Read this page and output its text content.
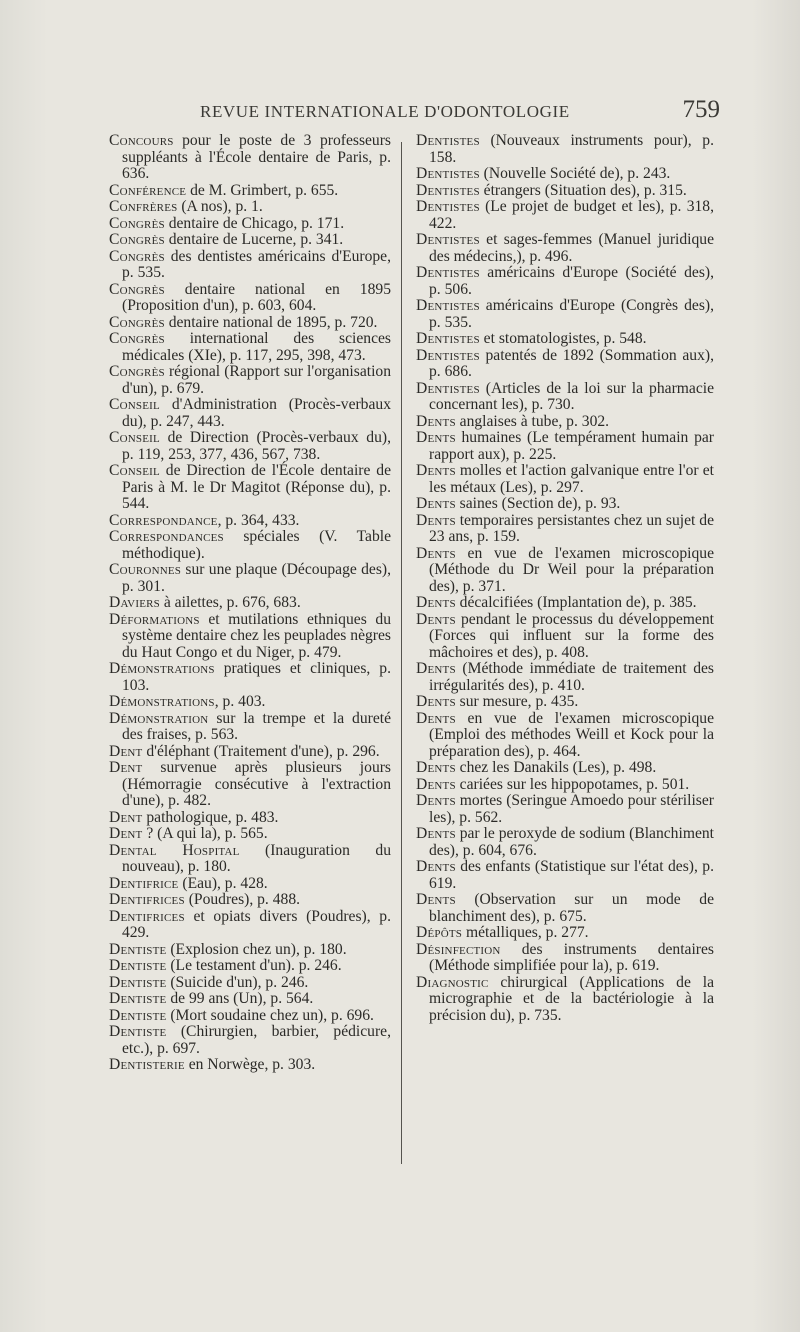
REVUE INTERNATIONALE D'ODONTOLOGIE	759
Concours pour le poste de 3 professeurs suppléants à l'École dentaire de Paris, p. 636.
Conférence de M. Grimbert, p. 655.
Confrères (A nos), p. 1.
Congrès dentaire de Chicago, p. 171.
Congrès dentaire de Lucerne, p. 341.
Congrès des dentistes américains d'Europe, p. 535.
Congrès dentaire national en 1895 (Proposition d'un), p. 603, 604.
Congrès dentaire national de 1895, p. 720.
Congrès international des sciences médicales (XIe), p. 117, 295, 398, 473.
Congrès régional (Rapport sur l'organisation d'un), p. 679.
Conseil d'Administration (Procès-verbaux du), p. 247, 443.
Conseil de Direction (Procès-verbaux du), p. 119, 253, 377, 436, 567, 738.
Conseil de Direction de l'École dentaire de Paris à M. le Dr Magitot (Réponse du), p. 544.
Correspondance, p. 364, 433.
Correspondances spéciales (V. Table méthodique).
Couronnes sur une plaque (Découpage des), p. 301.
Daviers à ailettes, p. 676, 683.
Déformations et mutilations ethniques du système dentaire chez les peuplades nègres du Haut Congo et du Niger, p. 479.
Démonstrations pratiques et cliniques, p. 103.
Démonstrations, p. 403.
Démonstration sur la trempe et la dureté des fraises, p. 563.
Dent d'éléphant (Traitement d'une), p. 296.
Dent survenue après plusieurs jours (Hémorragie consécutive à l'extraction d'une), p. 482.
Dent pathologique, p. 483.
Dent ? (A qui la), p. 565.
Dental Hospital (Inauguration du nouveau), p. 180.
Dentifrice (Eau), p. 428.
Dentifrices (Poudres), p. 488.
Dentifrices et opiats divers (Poudres), p. 429.
Dentiste (Explosion chez un), p. 180.
Dentiste (Le testament d'un). p. 246.
Dentiste (Suicide d'un), p. 246.
Dentiste de 99 ans (Un), p. 564.
Dentiste (Mort soudaine chez un), p. 696.
Dentiste (Chirurgien, barbier, pédicure, etc.), p. 697.
Dentisterie en Norwège, p. 303.
Dentistes (Nouveaux instruments pour), p. 158.
Dentistes (Nouvelle Société de), p. 243.
Dentistes étrangers (Situation des), p. 315.
Dentistes (Le projet de budget et les), p. 318, 422.
Dentistes et sages-femmes (Manuel juridique des médecins,), p. 496.
Dentistes américains d'Europe (Société des), p. 506.
Dentistes américains d'Europe (Congrès des), p. 535.
Dentistes et stomatologistes, p. 548.
Dentistes patentés de 1892 (Sommation aux), p. 686.
Dentistes (Articles de la loi sur la pharmacie concernant les), p. 730.
Dents anglaises à tube, p. 302.
Dents humaines (Le tempérament humain par rapport aux), p. 225.
Dents molles et l'action galvanique entre l'or et les métaux (Les), p. 297.
Dents saines (Section de), p. 93.
Dents temporaires persistantes chez un sujet de 23 ans, p. 159.
Dents en vue de l'examen microscopique (Méthode du Dr Weil pour la préparation des), p. 371.
Dents décalcifiées (Implantation de), p. 385.
Dents pendant le processus du développement (Forces qui influent sur la forme des mâchoires et des), p. 408.
Dents (Méthode immédiate de traitement des irrégularités des), p. 410.
Dents sur mesure, p. 435.
Dents en vue de l'examen microscopique (Emploi des méthodes Weill et Kock pour la préparation des), p. 464.
Dents chez les Danakils (Les), p. 498.
Dents cariées sur les hippopotames, p. 501.
Dents mortes (Seringue Amoedo pour stériliser les), p. 562.
Dents par le peroxyde de sodium (Blanchiment des), p. 604, 676.
Dents des enfants (Statistique sur l'état des), p. 619.
Dents (Observation sur un mode de blanchiment des), p. 675.
Dépôts métalliques, p. 277.
Désinfection des instruments dentaires (Méthode simplifiée pour la), p. 619.
Diagnostic chirurgical (Applications de la micrographie et de la bactériologie à la précision du), p. 735.
